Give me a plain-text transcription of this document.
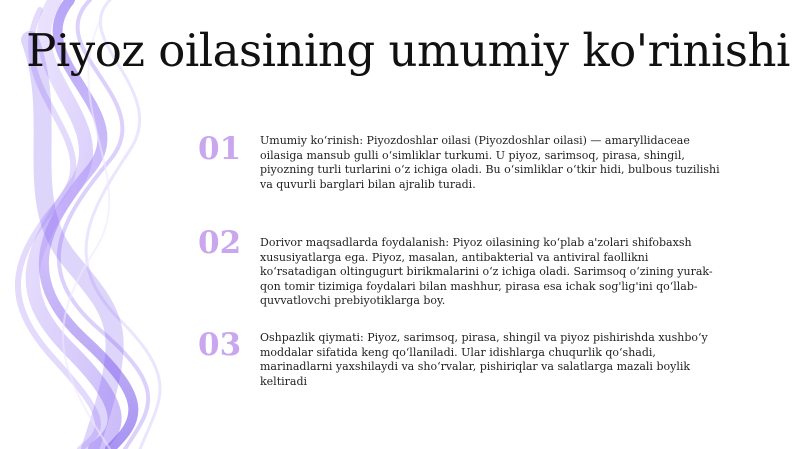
Piyoz oilasining umumiy ko'rinishi
01	Umumiy ko‘rinish: Piyozdoshlar oilasi (Piyozdoshlar oilasi) — amaryllidaceae oilasiga mansub gulli o‘simliklar turkumi. U piyoz, sarimsoq, pirasa, shingil, piyozning turli turlarini o‘z ichiga oladi. Bu o‘simliklar o‘tkir hidi, bulbous tuzilishi va quvurli barglari bilan ajralib turadi.
02	Dorivor maqsadlarda foydalanish: Piyoz oilasining ko‘plab a'zolari shifobaxsh xususiyatlarga ega. Piyoz, masalan, antibakterial va antiviral faollikni ko‘rsatadigan oltingugurt birikmalarini o‘z ichiga oladi. Sarimsoq o‘zining yurak-qon tomir tizimiga foydalari bilan mashhur, pirasa esa ichak sog'lig'ini qo‘llab-quvvatlovchi prebiyotiklarga boy.
03	Oshpazlik qiymati: Piyoz, sarimsoq, pirasa, shingil va piyoz pishirishda xushbo‘y moddalar sifatida keng qo‘llaniladi. Ular idishlarga chuqurlik qo‘shadi, marinadlarni yaxshilaydi va sho‘rvalar, pishiriqlar va salatlarga mazali boylik keltiradi
